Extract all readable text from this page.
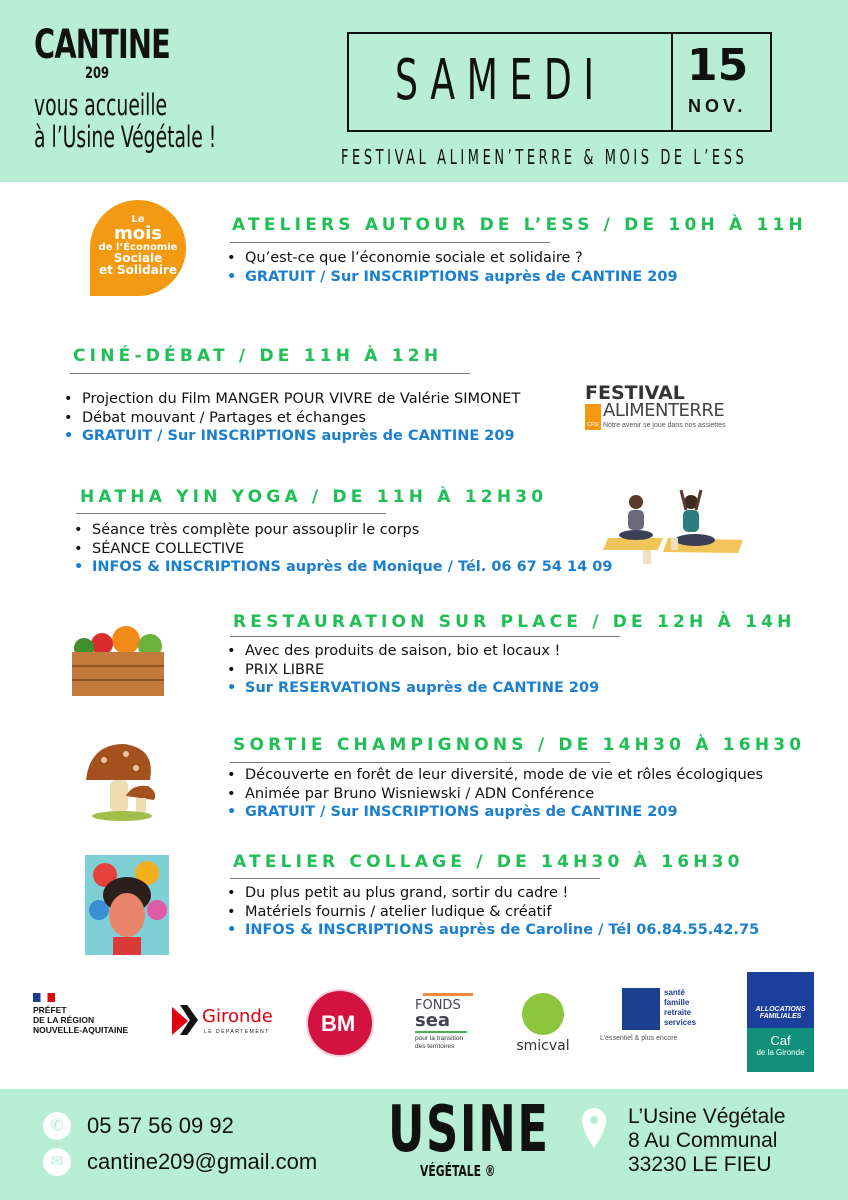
CANTINE
209
vous accueille
à l’Usine Végétale !
SAMEDI 15
NOV.
FESTIVAL ALIMEN’TERRE & MOIS DE L’ESS
Le
mois
de l’Économie
Sociale
et Solidaire
ATELIERS AUTOUR DE L’ESS / DE 10H À 11H
• Qu’est-ce que l’économie sociale et solidaire ?
• GRATUIT / Sur INSCRIPTIONS auprès de CANTINE 209
CINÉ-DÉBAT / DE 11H À 12H
• Projection du Film MANGER POUR VIVRE de Valérie SIMONET
• Débat mouvant / Partages et échanges
• GRATUIT / Sur INSCRIPTIONS auprès de CANTINE 209
FESTIVAL
CFSI
ALIMENTERRE
Notre avenir se joue dans nos assiettes
HATHA YIN YOGA / DE 11H À 12H30
• Séance très complète pour assouplir le corps
• SÉANCE COLLECTIVE
• INFOS & INSCRIPTIONS auprès de Monique / Tél. 06 67 54 14 09
RESTAURATION SUR PLACE / DE 12H À 14H
• Avec des produits de saison, bio et locaux !
• PRIX LIBRE
• Sur RESERVATIONS auprès de CANTINE 209
SORTIE CHAMPIGNONS / DE 14H30 À 16H30
• Découverte en forêt de leur diversité, mode de vie et rôles écologiques
• Animée par Bruno Wisniewski / ADN Conférence
• GRATUIT / Sur INSCRIPTIONS auprès de CANTINE 209
ATELIER COLLAGE / DE 14H30 À 16H30
• Du plus petit au plus grand, sortir du cadre !
• Matériels fournis / atelier ludique & créatif
• INFOS & INSCRIPTIONS auprès de Caroline / Tél 06.84.55.42.75
PRÉFET
DE LA RÉGION
NOUVELLE-AQUITAINE
Gironde
LE DÉPARTEMENT ВМ
FONDS
sea
pour la transition
des territoires	smicval
santé
famille
retraite
services
L’essentiel & plus encore
ALLOCATIONS FAMILIALES
Caf
de la Gironde
✆	05 57 56 09 92
✉	cantine209@gmail.com USINE
VÉGÉTALE ®
L’Usine Végétale
8 Au Communal
33230 LE FIEU
